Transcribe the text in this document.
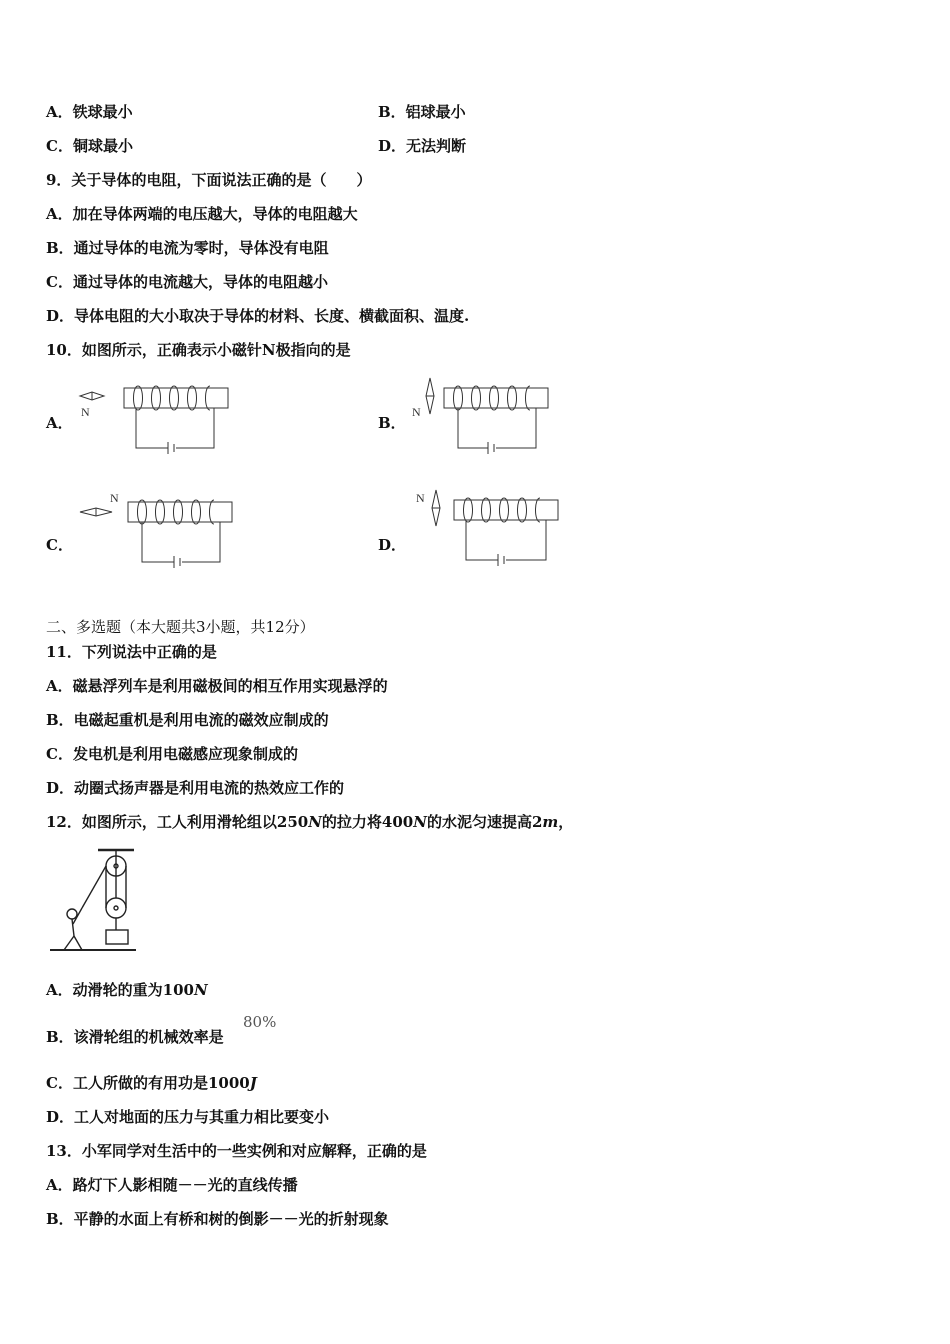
A．铁球最小	B．铝球最小
C．铜球最小	D．无法判断
9．关于导体的电阻，下面说法正确的是（　　）
A．加在导体两端的电压越大，导体的电阻越大
B．通过导体的电流为零时，导体没有电阻
C．通过导体的电流越大，导体的电阻越小
D．导体电阻的大小取决于导体的材料、长度、横截面积、温度.
10．如图所示，正确表示小磁针N极指向的是
A．	B．
C．	D．
N	N
N	N
二、多选题（本大题共3小题，共12分）
11．下列说法中正确的是
A．磁悬浮列车是利用磁极间的相互作用实现悬浮的
B．电磁起重机是利用电流的磁效应制成的
C．发电机是利用电磁感应现象制成的
D．动圈式扬声器是利用电流的热效应工作的
12．如图所示，工人利用滑轮组以250N的拉力将400N的水泥匀速提高2m，
A．动滑轮的重为100N
B．该滑轮组的机械效率是
80%
C．工人所做的有用功是1000J
D．工人对地面的压力与其重力相比要变小
13．小军同学对生活中的一些实例和对应解释，正确的是
A．路灯下人影相随－－光的直线传播
B．平静的水面上有桥和树的倒影－－光的折射现象
